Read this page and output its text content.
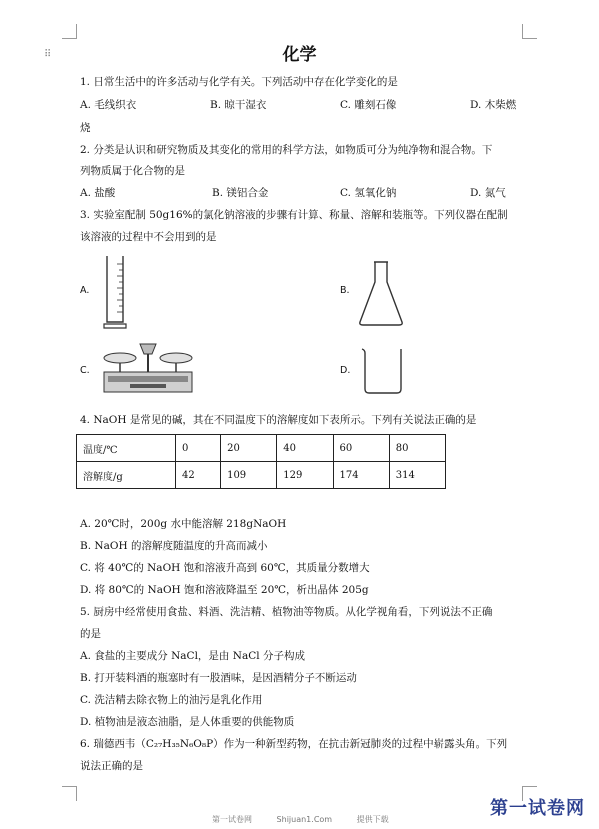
⠿	化学
1. 日常生活中的许多活动与化学有关。下列活动中存在化学变化的是
A. 毛线织衣	B. 晾干湿衣	C. 雕刻石像	D. 木柴燃
烧
2. 分类是认识和研究物质及其变化的常用的科学方法，如物质可分为纯净物和混合物。下
列物质属于化合物的是
A. 盐酸	B. 镁铝合金	C. 氢氧化钠	D. 氮气
3. 实验室配制 50g16%的氯化钠溶液的步骤有计算、称量、溶解和装瓶等。下列仪器在配制
该溶液的过程中不会用到的是
A.	B.
C.	D.
4. NaOH 是常见的碱，其在不同温度下的溶解度如下表所示。下列有关说法正确的是
温度/℃	0	20	40	60	80
溶解度/g	42	109	129	174	314
A. 20℃时，200g 水中能溶解 218gNaOH
B. NaOH 的溶解度随温度的升高而减小
C. 将 40℃的 NaOH 饱和溶液升高到 60℃，其质量分数增大
D. 将 80℃的 NaOH 饱和溶液降温至 20℃，析出晶体 205g
5. 厨房中经常使用食盐、料酒、洗洁精、植物油等物质。从化学视角看，下列说法不正确
的是
A. 食盐的主要成分 NaCl，是由 NaCl 分子构成
B. 打开装料酒的瓶塞时有一股酒味，是因酒精分子不断运动
C. 洗洁精去除衣物上的油污是乳化作用
D. 植物油是液态油脂，是人体重要的供能物质
6. 瑞德西韦（C₂₇H₃₅N₆O₈P）作为一种新型药物，在抗击新冠肺炎的过程中崭露头角。下列
说法正确的是
第一试卷网	Shijuan1.Com	提供下载
第一试卷网
